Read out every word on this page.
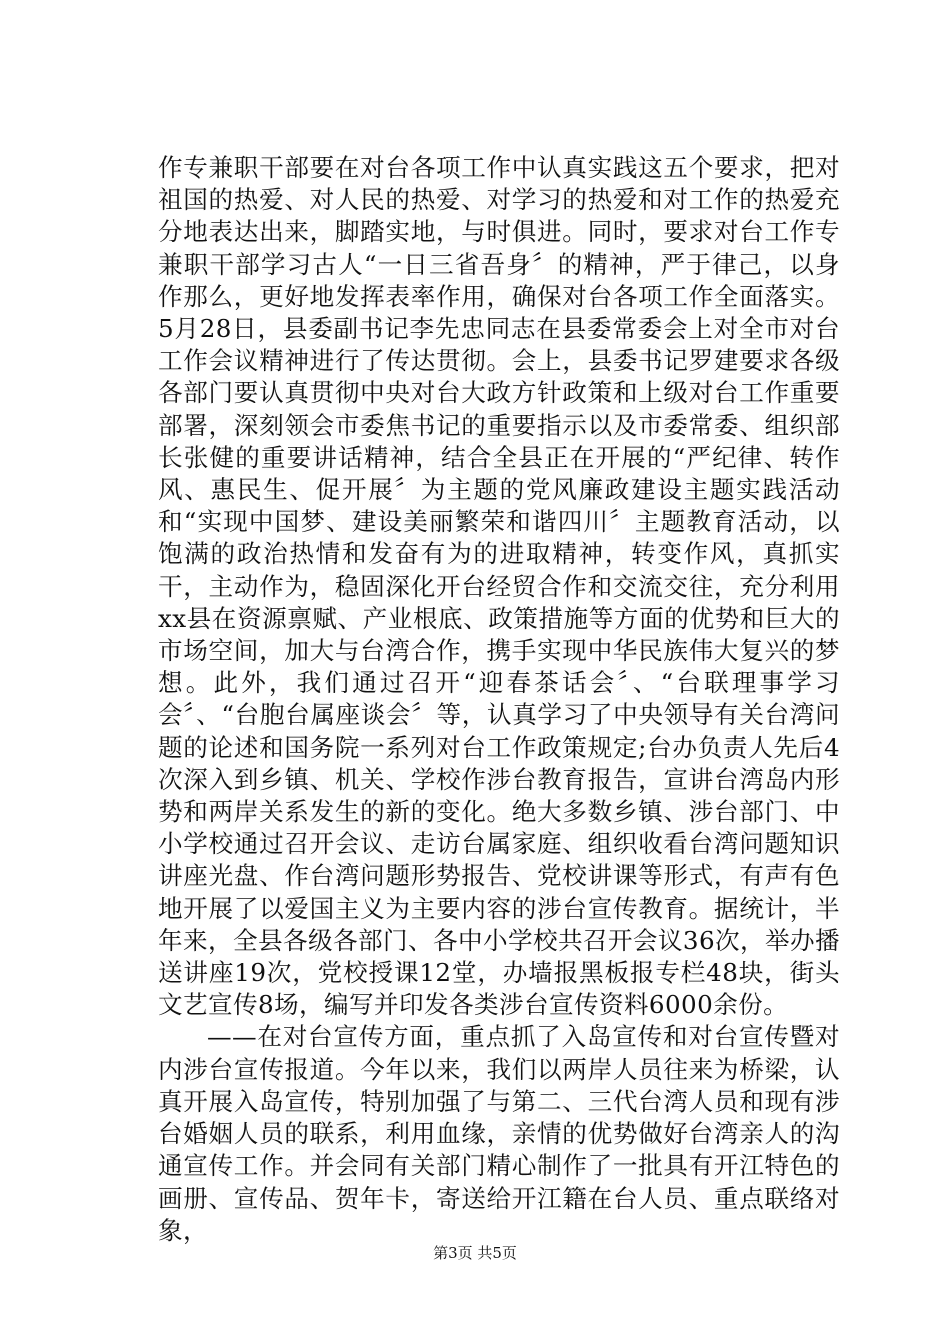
作专兼职干部要在对台各项工作中认真实践这五个要求，把对祖国的热爱、对人民的热爱、对学习的热爱和对工作的热爱充分地表达出来，脚踏实地，与时俱进。同时，要求对台工作专兼职干部学习古人“一日三省吾身〞的精神，严于律己，以身作那么，更好地发挥表率作用，确保对台各项工作全面落实。5月28日，县委副书记李先忠同志在县委常委会上对全市对台工作会议精神进行了传达贯彻。会上，县委书记罗建要求各级各部门要认真贯彻中央对台大政方针政策和上级对台工作重要部署，深刻领会市委焦书记的重要指示以及市委常委、组织部长张健的重要讲话精神，结合全县正在开展的“严纪律、转作风、惠民生、促开展〞为主题的党风廉政建设主题实践活动和“实现中国梦、建设美丽繁荣和谐四川〞主题教育活动，以饱满的政治热情和发奋有为的进取精神，转变作风，真抓实干，主动作为，稳固深化开台经贸合作和交流交往，充分利用xx县在资源禀赋、产业根底、政策措施等方面的优势和巨大的市场空间，加大与台湾合作，携手实现中华民族伟大复兴的梦想。此外，我们通过召开“迎春茶话会〞、“台联理事学习会〞、“台胞台属座谈会〞等，认真学习了中央领导有关台湾问题的论述和国务院一系列对台工作政策规定;台办负责人先后4次深入到乡镇、机关、学校作涉台教育报告，宣讲台湾岛内形势和两岸关系发生的新的变化。绝大多数乡镇、涉台部门、中小学校通过召开会议、走访台属家庭、组织收看台湾问题知识讲座光盘、作台湾问题形势报告、党校讲课等形式，有声有色地开展了以爱国主义为主要内容的涉台宣传教育。据统计，半年来，全县各级各部门、各中小学校共召开会议36次，举办播送讲座19次，党校授课12堂，办墙报黑板报专栏48块，街头文艺宣传8场，编写并印发各类涉台宣传资料6000余份。

——在对台宣传方面，重点抓了入岛宣传和对台宣传暨对内涉台宣传报道。今年以来，我们以两岸人员往来为桥梁，认真开展入岛宣传，特别加强了与第二、三代台湾人员和现有涉台婚姻人员的联系，利用血缘，亲情的优势做好台湾亲人的沟通宣传工作。并会同有关部门精心制作了一批具有开江特色的画册、宣传品、贺年卡，寄送给开江籍在台人员、重点联络对象，

第3页 共5页
